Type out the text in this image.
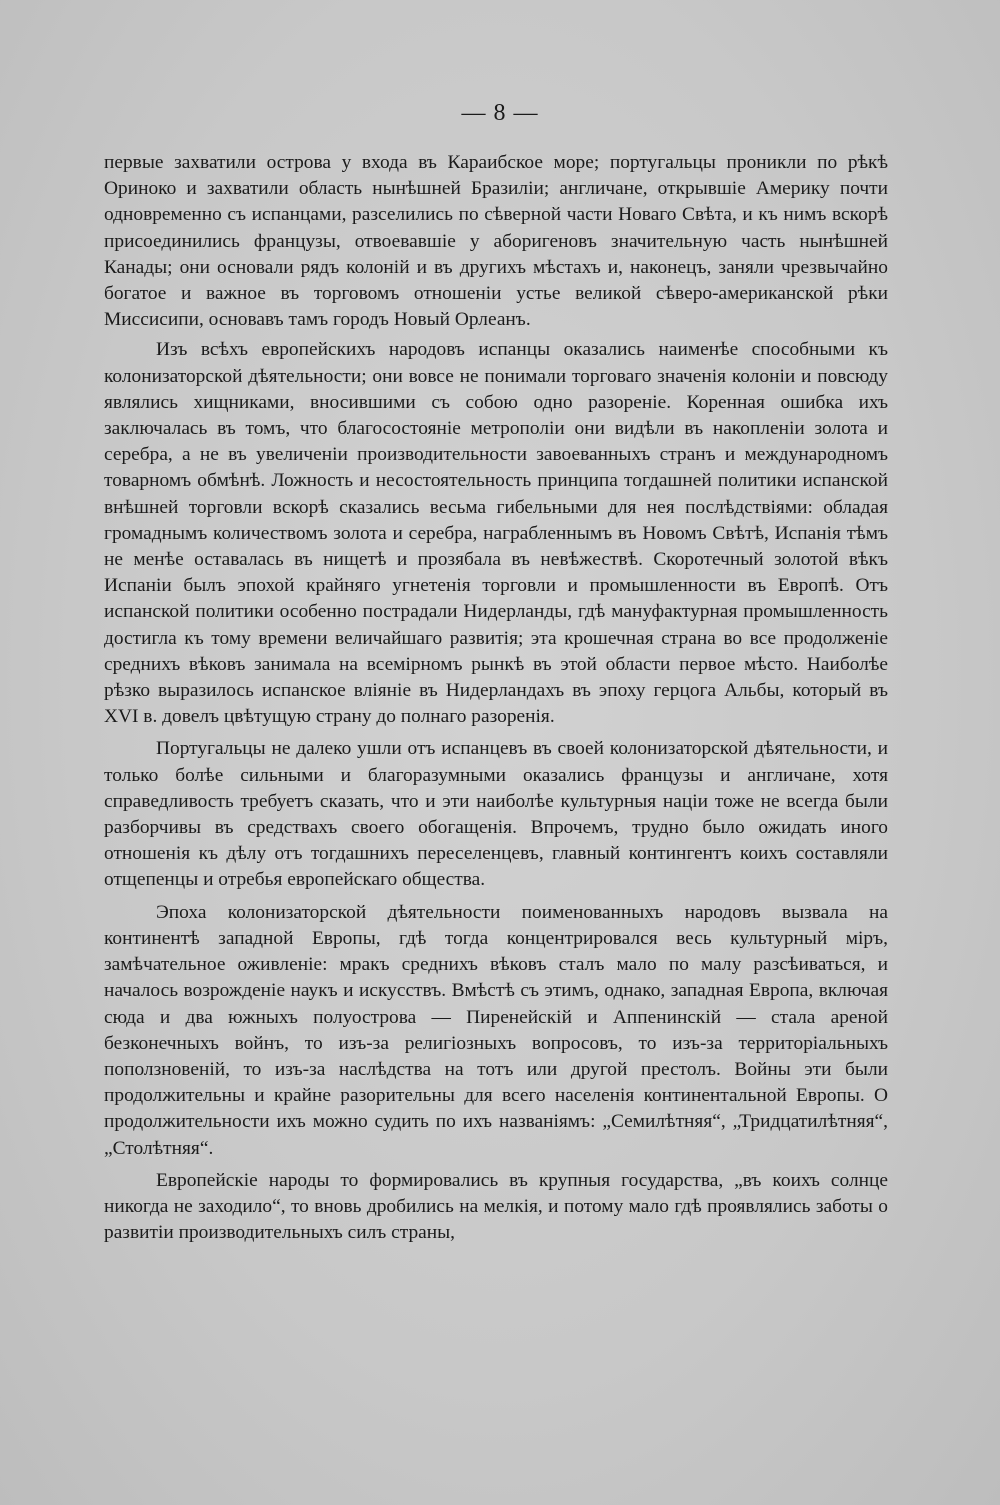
— 8 —

первые захватили острова у входа въ Караибское море; португальцы проникли по рѣкѣ Ориноко и захватили область нынѣшней Бразиліи; англичане, открывшіе Америку почти одновременно съ испанцами, разселились по сѣверной части Новаго Свѣта, и къ нимъ вскорѣ присоединились французы, отвоевавшіе у аборигеновъ значительную часть нынѣшней Канады; они основали рядъ колоній и въ другихъ мѣстахъ и, наконецъ, заняли чрезвычайно богатое и важное въ торговомъ отношеніи устье великой сѣверо-американской рѣки Миссисипи, основавъ тамъ городъ Новый Орлеанъ.

Изъ всѣхъ европейскихъ народовъ испанцы оказались наименѣе способными къ колонизаторской дѣятельности; они вовсе не понимали торговаго значенія колоніи и повсюду являлись хищниками, вносившими съ собою одно разореніе. Коренная ошибка ихъ заключалась въ томъ, что благосостояніе метрополіи они видѣли въ накопленіи золота и серебра, а не въ увеличеніи производительности завоеванныхъ странъ и международномъ товарномъ обмѣнѣ. Ложность и несостоятельность принципа тогдашней политики испанской внѣшней торговли вскорѣ сказались весьма гибельными для нея послѣдствіями: обладая громаднымъ количествомъ золота и серебра, награбленнымъ въ Новомъ Свѣтѣ, Испанія тѣмъ не менѣе оставалась въ нищетѣ и прозябала въ невѣжествѣ. Скоротечный золотой вѣкъ Испаніи былъ эпохой крайняго угнетенія торговли и промышленности въ Европѣ. Отъ испанской политики особенно пострадали Нидерланды, гдѣ мануфактурная промышленность достигла къ тому времени величайшаго развитія; эта крошечная страна во все продолженіе среднихъ вѣковъ занимала на всемірномъ рынкѣ въ этой области первое мѣсто. Наиболѣе рѣзко выразилось испанское вліяніе въ Нидерландахъ въ эпоху герцога Альбы, который въ XVI в. довелъ цвѣтущую страну до полнаго разоренія.

Португальцы не далеко ушли отъ испанцевъ въ своей колонизаторской дѣятельности, и только болѣе сильными и благоразумными оказались французы и англичане, хотя справедливость требуетъ сказать, что и эти наиболѣе культурныя націи тоже не всегда были разборчивы въ средствахъ своего обогащенія. Впрочемъ, трудно было ожидать иного отношенія къ дѣлу отъ тогдашнихъ переселенцевъ, главный контингентъ коихъ составляли отщепенцы и отребья европейскаго общества.

Эпоха колонизаторской дѣятельности поименованныхъ народовъ вызвала на континентѣ западной Европы, гдѣ тогда концентрировался весь культурный міръ, замѣчательное оживленіе: мракъ среднихъ вѣковъ сталъ мало по малу разсѣиваться, и началось возрожденіе наукъ и искусствъ. Вмѣстѣ съ этимъ, однако, западная Европа, включая сюда и два южныхъ полуострова — Пиренейскій и Аппенинскій — стала ареной безконечныхъ войнъ, то изъ-за религіозныхъ вопросовъ, то изъ-за территоріальныхъ поползновеній, то изъ-за наслѣдства на тотъ или другой престолъ. Войны эти были продолжительны и крайне разорительны для всего населенія континентальной Европы. О продолжительности ихъ можно судить по ихъ названіямъ: „Семилѣтняя“, „Тридцатилѣтняя“, „Столѣтняя“.

Европейскіе народы то формировались въ крупныя государства, „въ коихъ солнце никогда не заходило“, то вновь дробились на мелкія, и потому мало гдѣ проявлялись заботы о развитіи производительныхъ силъ страны,
